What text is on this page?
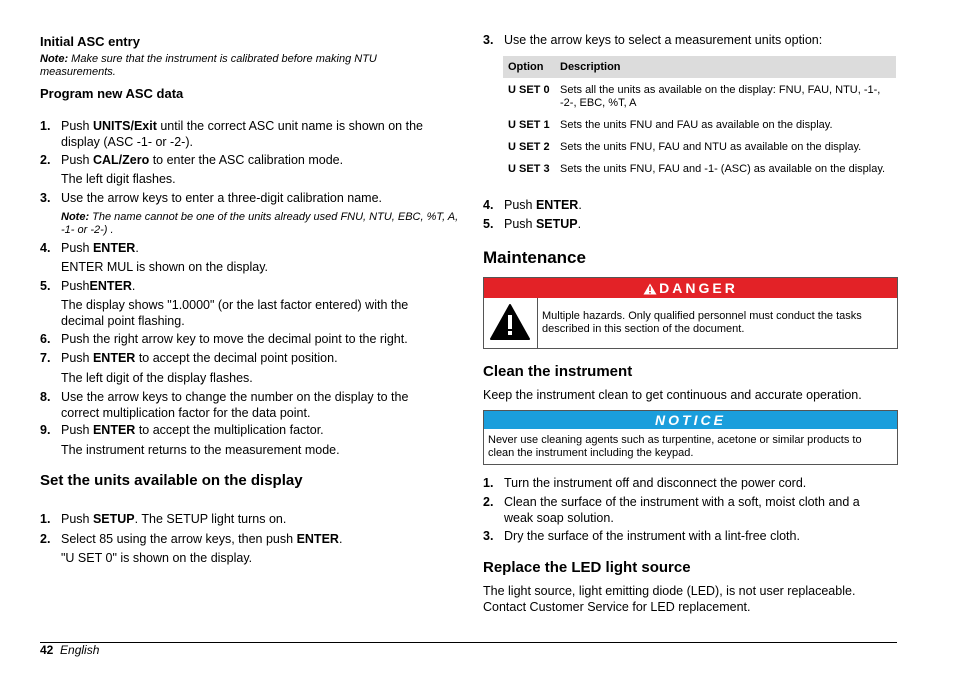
Initial ASC entry
Note: Make sure that the instrument is calibrated before making NTU measurements.
Program new ASC data
1. Push UNITS/Exit until the correct ASC unit name is shown on the display (ASC -1- or -2-).
2. Push CAL/Zero to enter the ASC calibration mode.
The left digit flashes.
3. Use the arrow keys to enter a three-digit calibration name.
Note: The name cannot be one of the units already used FNU, NTU, EBC, %T, A, -1- or -2-) .
4. Push ENTER.
ENTER MUL is shown on the display.
5. PushENTER.
The display shows "1.0000" (or the last factor entered) with the decimal point flashing.
6. Push the right arrow key to move the decimal point to the right.
7. Push ENTER to accept the decimal point position.
The left digit of the display flashes.
8. Use the arrow keys to change the number on the display to the correct multiplication factor for the data point.
9. Push ENTER to accept the multiplication factor.
The instrument returns to the measurement mode.
Set the units available on the display
1. Push SETUP. The SETUP light turns on.
2. Select 85 using the arrow keys, then push ENTER.
"U SET 0" is shown on the display.
3. Use the arrow keys to select a measurement units option:
Option Description
U SET 0 Sets all the units as available on the display: FNU, FAU, NTU, -1-, -2-, EBC, %T, A
U SET 1 Sets the units FNU and FAU as available on the display.
U SET 2 Sets the units FNU, FAU and NTU as available on the display.
U SET 3 Sets the units FNU, FAU and -1- (ASC) as available on the display.
4. Push ENTER.
5. Push SETUP.
Maintenance
DANGER
Multiple hazards. Only qualified personnel must conduct the tasks described in this section of the document.
Clean the instrument
Keep the instrument clean to get continuous and accurate operation.
NOTICE
Never use cleaning agents such as turpentine, acetone or similar products to clean the instrument including the keypad.
1. Turn the instrument off and disconnect the power cord.
2. Clean the surface of the instrument with a soft, moist cloth and a weak soap solution.
3. Dry the surface of the instrument with a lint-free cloth.
Replace the LED light source
The light source, light emitting diode (LED), is not user replaceable. Contact Customer Service for LED replacement.
42 English
